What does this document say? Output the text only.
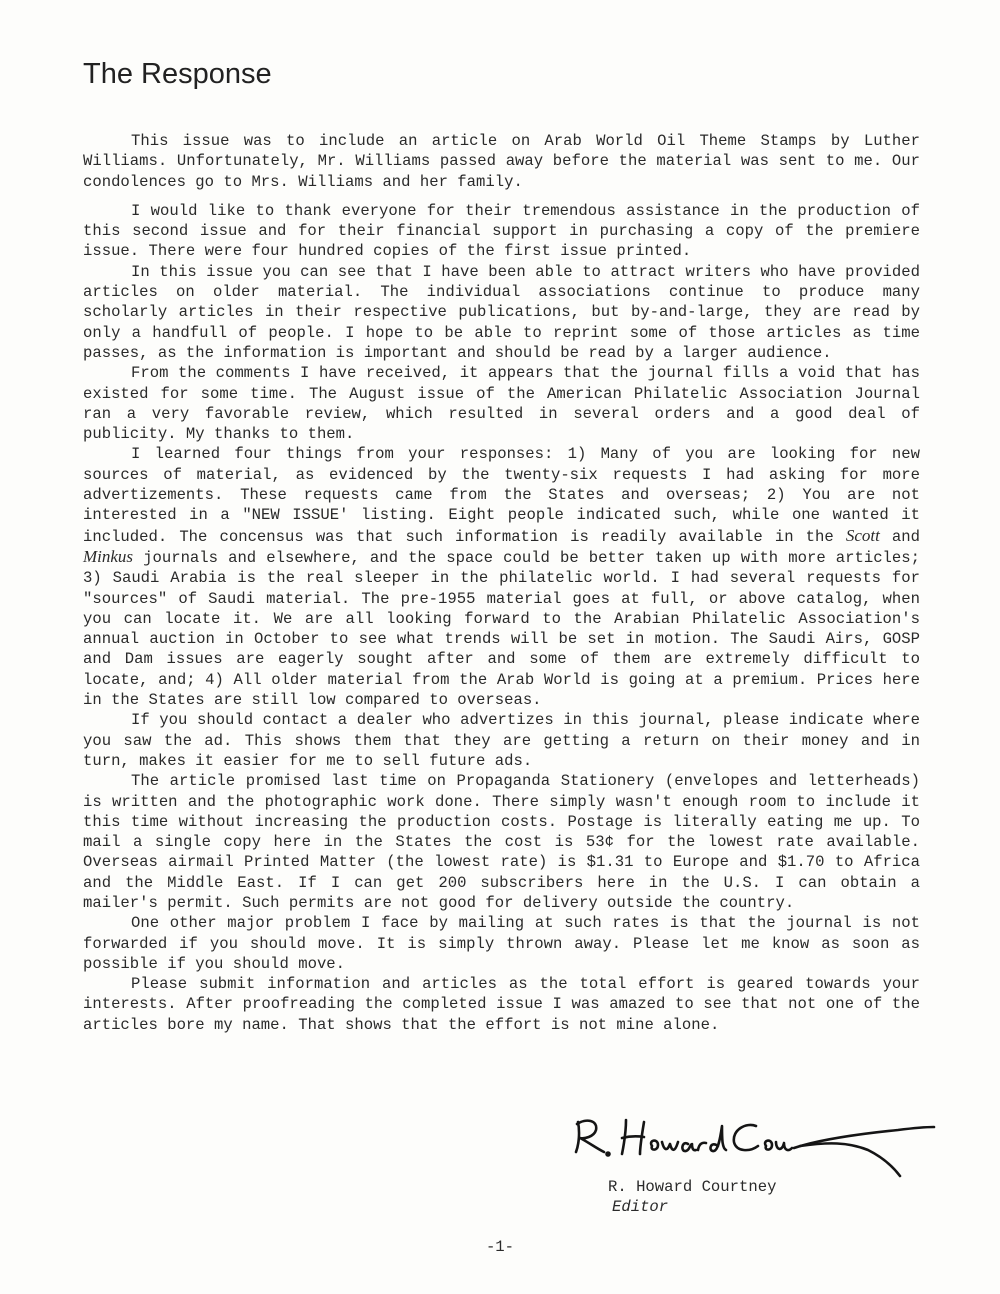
The Response

This issue was to include an article on Arab World Oil Theme Stamps by Luther Williams. Unfortunately, Mr. Williams passed away before the material was sent to me. Our condolences go to Mrs. Williams and her family.

I would like to thank everyone for their tremendous assistance in the production of this second issue and for their financial support in purchasing a copy of the premiere issue. There were four hundred copies of the first issue printed.

In this issue you can see that I have been able to attract writers who have provided articles on older material. The individual associations continue to produce many scholarly articles in their respective publications, but by-and-large, they are read by only a handfull of people. I hope to be able to reprint some of those articles as time passes, as the information is important and should be read by a larger audience.

From the comments I have received, it appears that the journal fills a void that has existed for some time. The August issue of the American Philatelic Association Journal ran a very favorable review, which resulted in several orders and a good deal of publicity. My thanks to them.

I learned four things from your responses: 1) Many of you are looking for new sources of material, as evidenced by the twenty-six requests I had asking for more advertizements. These requests came from the States and overseas; 2) You are not interested in a "NEW ISSUE' listing. Eight people indicated such, while one wanted it included. The concensus was that such information is readily available in the Scott and Minkus journals and elsewhere, and the space could be better taken up with more articles; 3) Saudi Arabia is the real sleeper in the philatelic world. I had several requests for "sources" of Saudi material. The pre-1955 material goes at full, or above catalog, when you can locate it. We are all looking forward to the Arabian Philatelic Association's annual auction in October to see what trends will be set in motion. The Saudi Airs, GOSP and Dam issues are eagerly sought after and some of them are extremely difficult to locate, and; 4) All older material from the Arab World is going at a premium. Prices here in the States are still low compared to overseas.

If you should contact a dealer who advertizes in this journal, please indicate where you saw the ad. This shows them that they are getting a return on their money and in turn, makes it easier for me to sell future ads.

The article promised last time on Propaganda Stationery (envelopes and letterheads) is written and the photographic work done. There simply wasn't enough room to include it this time without increasing the production costs. Postage is literally eating me up. To mail a single copy here in the States the cost is 53¢ for the lowest rate available. Overseas airmail Printed Matter (the lowest rate) is $1.31 to Europe and $1.70 to Africa and the Middle East. If I can get 200 subscribers here in the U.S. I can obtain a mailer's permit. Such permits are not good for delivery outside the country.

One other major problem I face by mailing at such rates is that the journal is not forwarded if you should move. It is simply thrown away. Please let me know as soon as possible if you should move.

Please submit information and articles as the total effort is geared towards your interests. After proofreading the completed issue I was amazed to see that not one of the articles bore my name. That shows that the effort is not mine alone.

R. Howard Courtney
Editor
-1-
